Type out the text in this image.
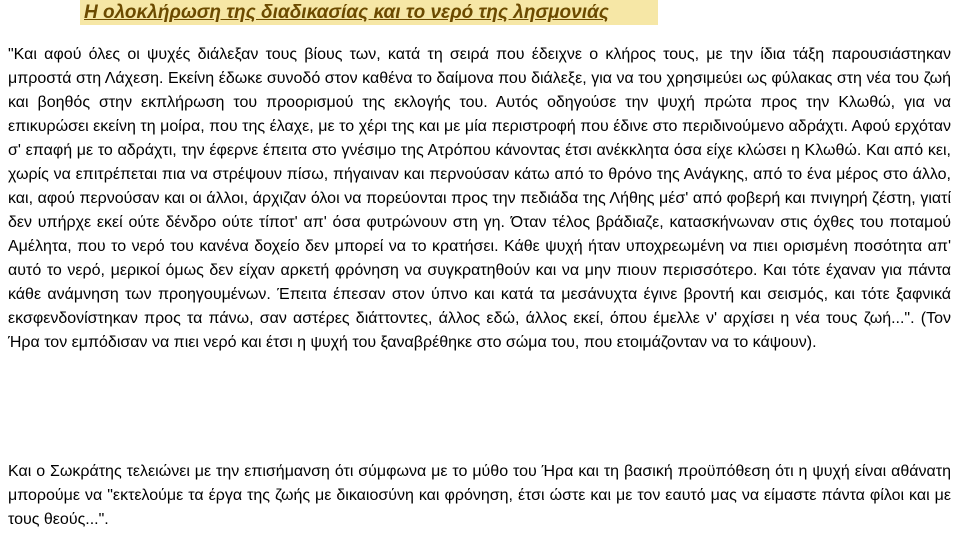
Η ολοκλήρωση της διαδικασίας και το νερό της λησμονιάς

"Και αφού όλες οι ψυχές διάλεξαν τους βίους των, κατά τη σειρά που έδειχνε ο κλήρος τους, με την ίδια τάξη παρουσιάστηκαν μπροστά στη Λάχεση. Εκείνη έδωκε συνοδό στον καθένα το δαίμονα που διάλεξε, για να του χρησιμεύει ως φύλακας στη νέα του ζωή και βοηθός στην εκπλήρωση του προορισμού της εκλογής του. Αυτός οδηγούσε την ψυχή πρώτα προς την Κλωθώ, για να επικυρώσει εκείνη τη μοίρα, που της έλαχε, με το χέρι της και με μία περιστροφή που έδινε στο περιδινούμενο αδράχτι. Αφού ερχόταν σ' επαφή με το αδράχτι, την έφερνε έπειτα στο γνέσιμο της Ατρόπου κάνοντας έτσι ανέκκλητα όσα είχε κλώσει η Κλωθώ. Και από κει, χωρίς να επιτρέπεται πια να στρέψουν πίσω, πήγαιναν και περνούσαν κάτω από το θρόνο της Ανάγκης, από το ένα μέρος στο άλλο, και, αφού περνούσαν και οι άλλοι, άρχιζαν όλοι να πορεύονται προς την πεδιάδα της Λήθης μέσ' από φοβερή και πνιγηρή ζέστη, γιατί δεν υπήρχε εκεί ούτε δένδρο ούτε τίποτ' απ' όσα φυτρώνουν στη γη. Όταν τέλος βράδιαζε, κατασκήνωναν στις όχθες του ποταμού Αμέλητα, που το νερό του κανένα δοχείο δεν μπορεί να το κρατήσει. Κάθε ψυχή ήταν υποχρεωμένη να πιει ορισμένη ποσότητα απ' αυτό το νερό, μερικοί όμως δεν είχαν αρκετή φρόνηση να συγκρατηθούν και να μην πιουν περισσότερο. Και τότε έχαναν για πάντα κάθε ανάμνηση των προηγουμένων. Έπειτα έπεσαν στον ύπνο και κατά τα μεσάνυχτα έγινε βροντή και σεισμός, και τότε ξαφνικά εκσφενδονίστηκαν προς τα πάνω, σαν αστέρες διάττοντες, άλλος εδώ, άλλος εκεί, όπου έμελλε ν' αρχίσει η νέα τους ζωή...". (Τον Ήρα τον εμπόδισαν να πιει νερό και έτσι η ψυχή του ξαναβρέθηκε στο σώμα του, που ετοιμάζονταν να το κάψουν).

Και ο Σωκράτης τελειώνει με την επισήμανση ότι σύμφωνα με το μύθο του Ήρα και τη βασική προϋπόθεση ότι η ψυχή είναι αθάνατη μπορούμε να "εκτελούμε τα έργα της ζωής με δικαιοσύνη και φρόνηση, έτσι ώστε και με τον εαυτό μας να είμαστε πάντα φίλοι και με τους θεούς...".
